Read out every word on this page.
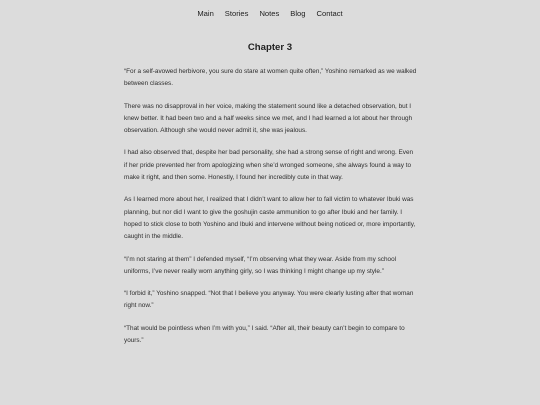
Main Stories Notes Blog Contact
Chapter 3

“For a self-avowed herbivore, you sure do stare at women quite often,” Yoshino remarked as we walked between classes.

There was no disapproval in her voice, making the statement sound like a detached observation, but I knew better. It had been two and a half weeks since we met, and I had learned a lot about her through observation. Although she would never admit it, she was jealous.

I had also observed that, despite her bad personality, she had a strong sense of right and wrong. Even if her pride prevented her from apologizing when she’d wronged someone, she always found a way to make it right, and then some. Honestly, I found her incredibly cute in that way.

As I learned more about her, I realized that I didn’t want to allow her to fall victim to whatever Ibuki was planning, but nor did I want to give the goshujin caste ammunition to go after Ibuki and her family. I hoped to stick close to both Yoshino and Ibuki and intervene without being noticed or, more importantly, caught in the middle.

“I’m not staring at them” I defended myself, “I’m observing what they wear. Aside from my school uniforms, I’ve never really worn anything girly, so I was thinking I might change up my style.”

“I forbid it,” Yoshino snapped. “Not that I believe you anyway. You were clearly lusting after that woman right now.”

“That would be pointless when I’m with you,” I said. “After all, their beauty can’t begin to compare to yours.”
